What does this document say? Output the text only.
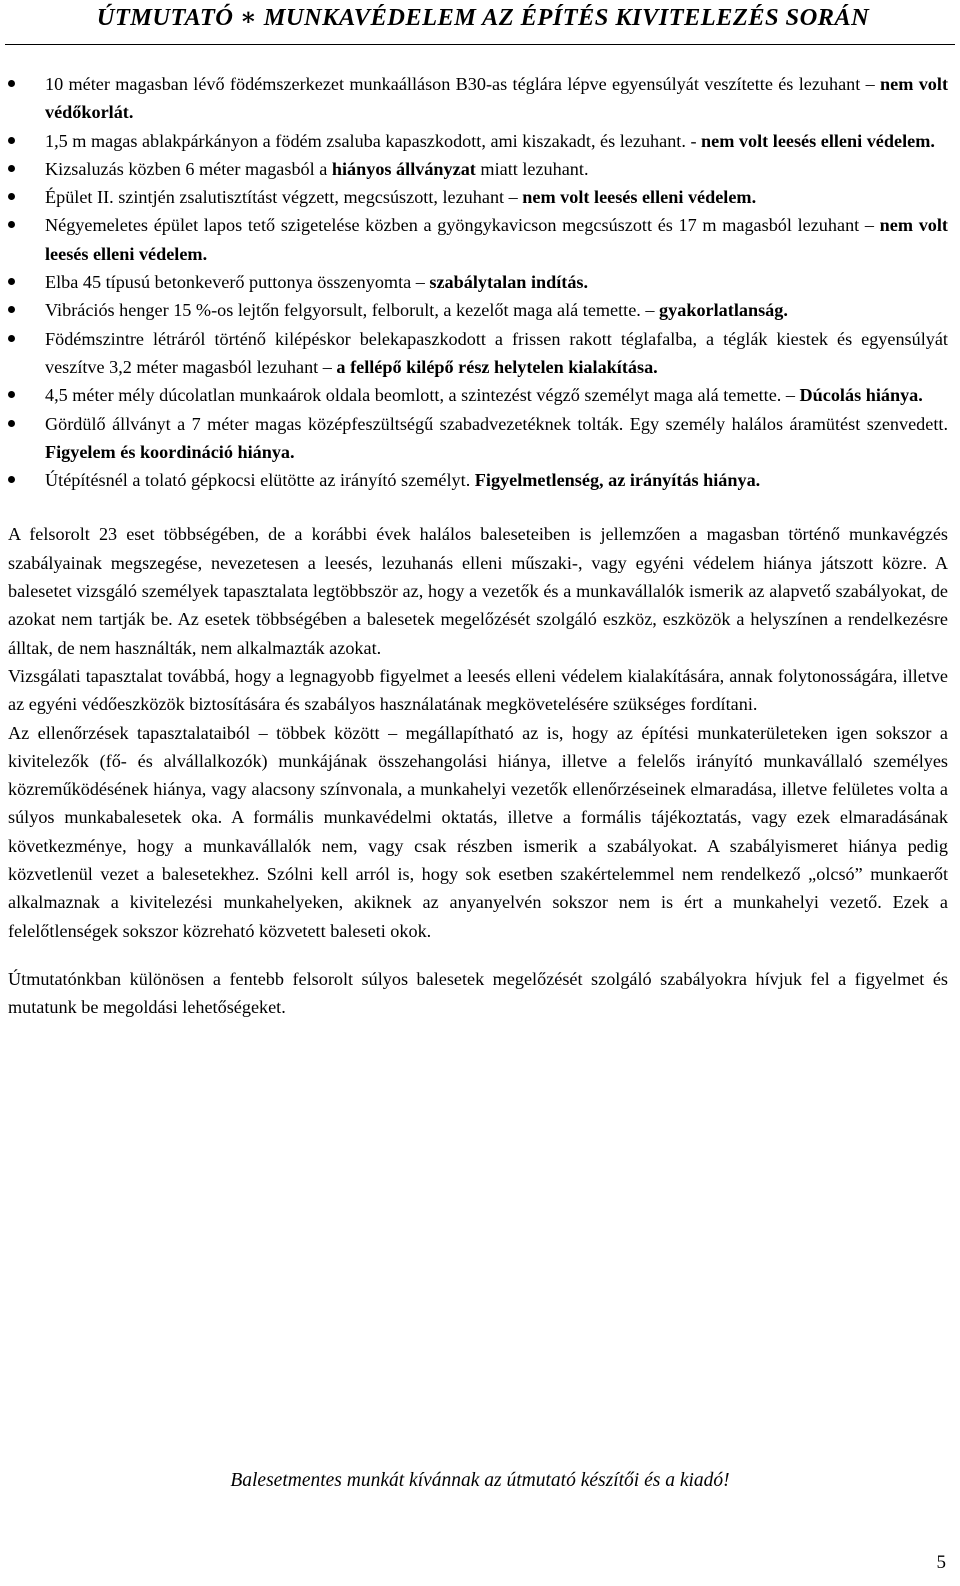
ÚTMUTATÓ ∗ MUNKAVÉDELEM AZ ÉPÍTÉS KIVITELEZÉS SORÁN
10 méter magasban lévő födémszerkezet munkaálláson B30-as téglára lépve egyensúlyát veszítette és lezuhant – nem volt védőkorlát.
1,5 m magas ablakpárkányon a födém zsaluba kapaszkodott, ami kiszakadt, és lezuhant. - nem volt leesés elleni védelem.
Kizsaluzás közben 6 méter magasból a hiányos állványzat miatt lezuhant.
Épület II. szintjén zsalutisztítást végzett, megcsúszott, lezuhant – nem volt leesés elleni védelem.
Négyemeletes épület lapos tető szigetelése közben a gyöngykavicson megcsúszott és 17 m magasból lezuhant – nem volt leesés elleni védelem.
Elba 45 típusú betonkeverő puttonya összenyomta – szabálytalan indítás.
Vibrációs henger 15 %-os lejtőn felgyorsult, felborult, a kezelőt maga alá temette. – gyakorlatlanság.
Födémszintre létráról történő kilépéskor belekapaszkodott a frissen rakott téglafalba, a téglák kiestek és egyensúlyát veszítve 3,2 méter magasból lezuhant – a fellépő kilépő rész helytelen kialakítása.
4,5 méter mély dúcolatlan munkaárok oldala beomlott, a szintezést végző személyt maga alá temette. – Dúcolás hiánya.
Gördülő állványt a 7 méter magas középfeszültségű szabadvezetéknek tolták. Egy személy halálos áramütést szenvedett. Figyelem és koordináció hiánya.
Útépítésnél a tolató gépkocsi elütötte az irányító személyt. Figyelmetlenség, az irányítás hiánya.

A felsorolt 23 eset többségében, de a korábbi évek halálos baleseteiben is jellemzően a magasban történő munkavégzés szabályainak megszegése, nevezetesen a leesés, lezuhanás elleni műszaki-, vagy egyéni védelem hiánya játszott közre. A balesetet vizsgáló személyek tapasztalata legtöbbször az, hogy a vezetők és a munkavállalók ismerik az alapvető szabályokat, de azokat nem tartják be. Az esetek többségében a balesetek megelőzését szolgáló eszköz, eszközök a helyszínen a rendelkezésre álltak, de nem használták, nem alkalmazták azokat.

Vizsgálati tapasztalat továbbá, hogy a legnagyobb figyelmet a leesés elleni védelem kialakítására, annak folytonosságára, illetve az egyéni védőeszközök biztosítására és szabályos használatának megkövetelésére szükséges fordítani.

Az ellenőrzések tapasztalataiból – többek között – megállapítható az is, hogy az építési munkaterületeken igen sokszor a kivitelezők (fő- és alvállalkozók) munkájának összehangolási hiánya, illetve a felelős irányító munkavállaló személyes közreműködésének hiánya, vagy alacsony színvonala, a munkahelyi vezetők ellenőrzéseinek elmaradása, illetve felületes volta a súlyos munkabalesetek oka. A formális munkavédelmi oktatás, illetve a formális tájékoztatás, vagy ezek elmaradásának következménye, hogy a munkavállalók nem, vagy csak részben ismerik a szabályokat. A szabályismeret hiánya pedig közvetlenül vezet a balesetekhez. Szólni kell arról is, hogy sok esetben szakértelemmel nem rendelkező „olcsó” munkaerőt alkalmaznak a kivitelezési munkahelyeken, akiknek az anyanyelvén sokszor nem is ért a munkahelyi vezető. Ezek a felelőtlenségek sokszor közreható közvetett baleseti okok.

Útmutatónkban különösen a fentebb felsorolt súlyos balesetek megelőzését szolgáló szabályokra hívjuk fel a figyelmet és mutatunk be megoldási lehetőségeket.

Balesetmentes munkát kívánnak az útmutató készítői és a kiadó!
5
